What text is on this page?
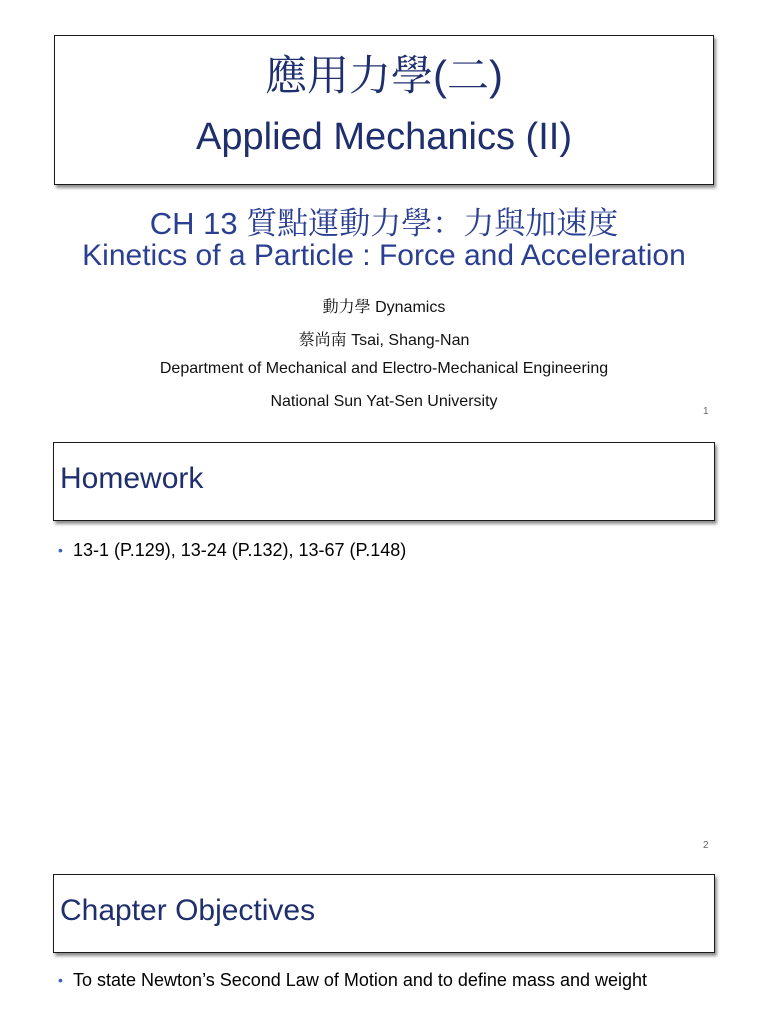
應用力學(二)
Applied Mechanics (II)
CH 13 質點運動力學：力與加速度
Kinetics of a Particle : Force and Acceleration
動力學 Dynamics
蔡尚南 Tsai, Shang-Nan
Department of Mechanical and Electro-Mechanical Engineering
National Sun Yat-Sen University
1
Homework
• 13-1 (P.129), 13-24 (P.132), 13-67 (P.148)
2
Chapter Objectives
• To state Newton’s Second Law of Motion and to define mass and weight
